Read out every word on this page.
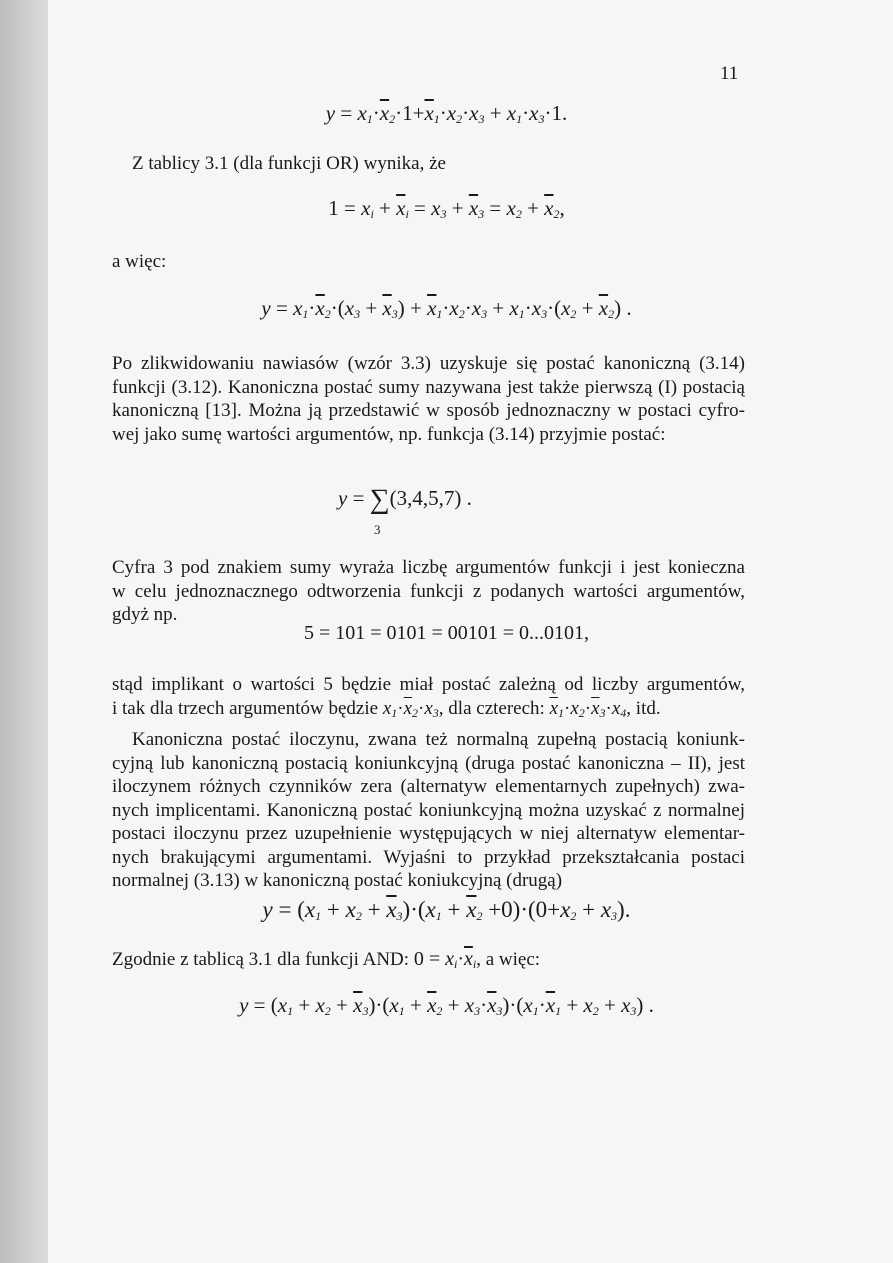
11
$y = x_1\cdot\overline{x}_2\cdot 1+\overline{x}_1\cdot x_2\cdot x_3 + x_1\cdot x_3\cdot 1$.
Z tablicy 3.1 (dla funkcji OR) wynika, że
$1 = x_i + \overline{x}_i = x_3 + \overline{x}_3 = x_2 + \overline{x}_2$,
a więc:
$y = x_1\cdot\overline{x}_2\cdot(x_3 + \overline{x}_3) + \overline{x}_1\cdot x_2\cdot x_3 + x_1\cdot x_3\cdot(x_2 + \overline{x}_2)$ .
Po zlikwidowaniu nawiasów (wzór 3.3) uzyskuje się postać kanoniczną (3.14)
funkcji (3.12). Kanoniczna postać sumy nazywana jest także pierwszą (I) postacią
kanoniczną [13]. Można ją przedstawić w sposób jednoznaczny w postaci cyfro-
wej jako sumę wartości argumentów, np. funkcja (3.14) przyjmie postać:
y = ∑(3,4,5,7) .
3
Cyfra 3 pod znakiem sumy wyraża liczbę argumentów funkcji i jest konieczna
w celu jednoznacznego odtworzenia funkcji z podanych wartości argumentów,
gdyż np.
5 = 101 = 0101 = 00101 = 0...0101,
stąd implikant o wartości 5 będzie miał postać zależną od liczby argumentów,
i tak dla trzech argumentów będzie $x_1\cdot\overline{x}_2\cdot x_3$, dla czterech: $\overline{x}_1\cdot x_2\cdot\overline{x}_3\cdot x_4$, itd.
Kanoniczna postać iloczynu, zwana też normalną zupełną postacią koniunk-
cyjną lub kanoniczną postacią koniunkcyjną (druga postać kanoniczna – II), jest
iloczynem różnych czynników zera (alternatyw elementarnych zupełnych) zwa-
nych implicentami. Kanoniczną postać koniunkcyjną można uzyskać z normalnej
postaci iloczynu przez uzupełnienie występujących w niej alternatyw elementar-
nych brakującymi argumentami. Wyjaśni to przykład przekształcania postaci
normalnej (3.13) w kanoniczną postać koniukcyjną (drugą)
$y = (x_1 + x_2 + \overline{x}_3)\cdot(x_1 + \overline{x}_2 +0)\cdot(0+x_2 + x_3)$.
Zgodnie z tablicą 3.1 dla funkcji AND: $0 = x_i\cdot\overline{x}_i$, a więc:
$y = (x_1 + x_2 + \overline{x}_3)\cdot(x_1 + \overline{x}_2 + x_3\cdot\overline{x}_3)\cdot(x_1\cdot\overline{x}_1 + x_2 + x_3)$ .
